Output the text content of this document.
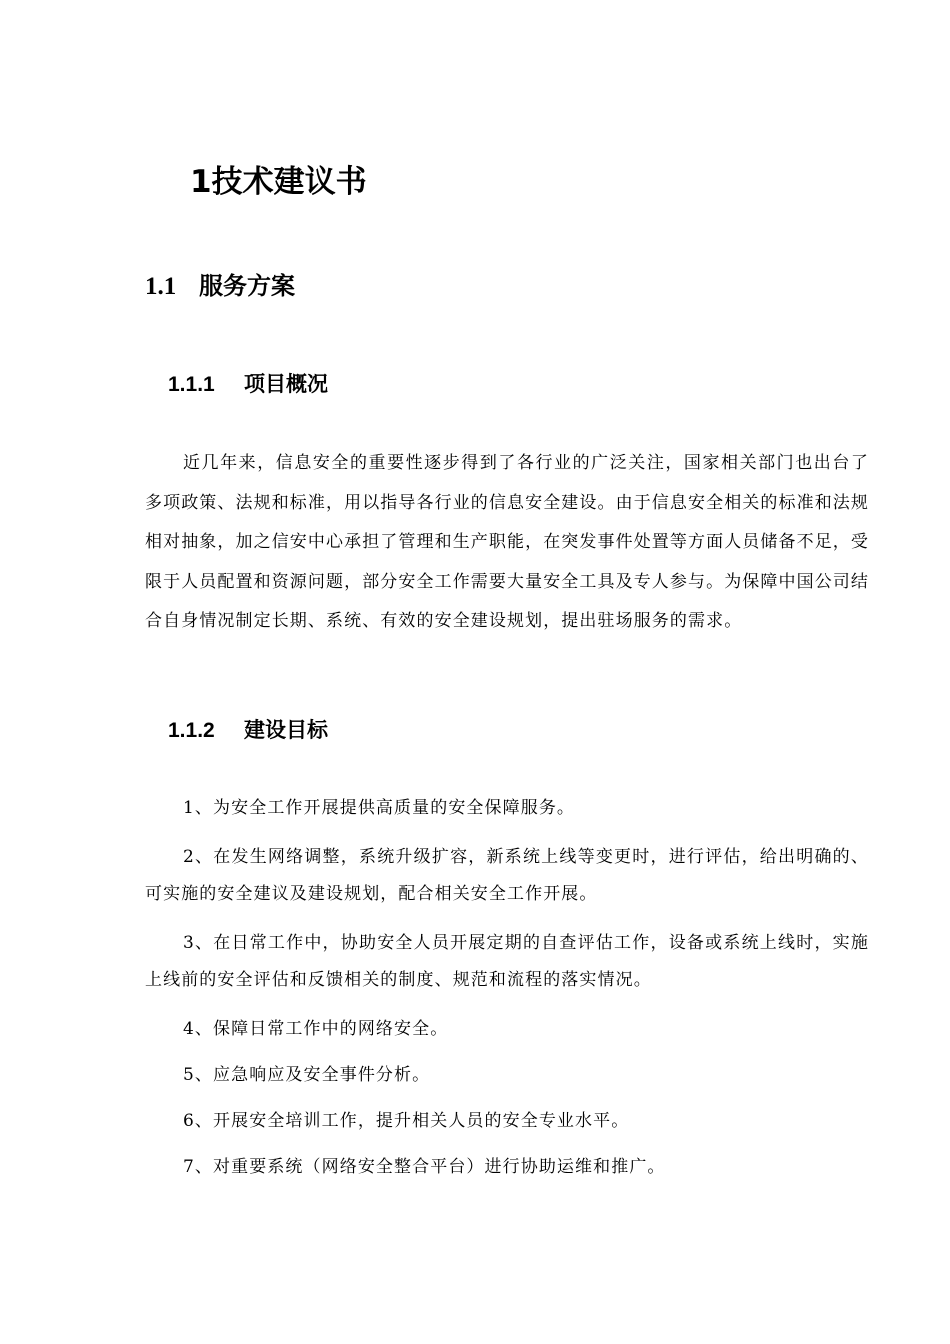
1技术建议书
1.1 服务方案
1.1.1 项目概况

近几年来，信息安全的重要性逐步得到了各行业的广泛关注，国家相关部门也出台了多项政策、法规和标准，用以指导各行业的信息安全建设。由于信息安全相关的标准和法规相对抽象，加之信安中心承担了管理和生产职能，在突发事件处置等方面人员储备不足，受限于人员配置和资源问题，部分安全工作需要大量安全工具及专人参与。为保障中国公司结合自身情况制定长期、系统、有效的安全建设规划，提出驻场服务的需求。

1.1.2 建设目标

1、为安全工作开展提供高质量的安全保障服务。

2、在发生网络调整，系统升级扩容，新系统上线等变更时，进行评估，给出明确的、可实施的安全建议及建设规划，配合相关安全工作开展。

3、在日常工作中，协助安全人员开展定期的自查评估工作，设备或系统上线时，实施上线前的安全评估和反馈相关的制度、规范和流程的落实情况。

4、保障日常工作中的网络安全。

5、应急响应及安全事件分析。

6、开展安全培训工作，提升相关人员的安全专业水平。

7、对重要系统（网络安全整合平台）进行协助运维和推广。
